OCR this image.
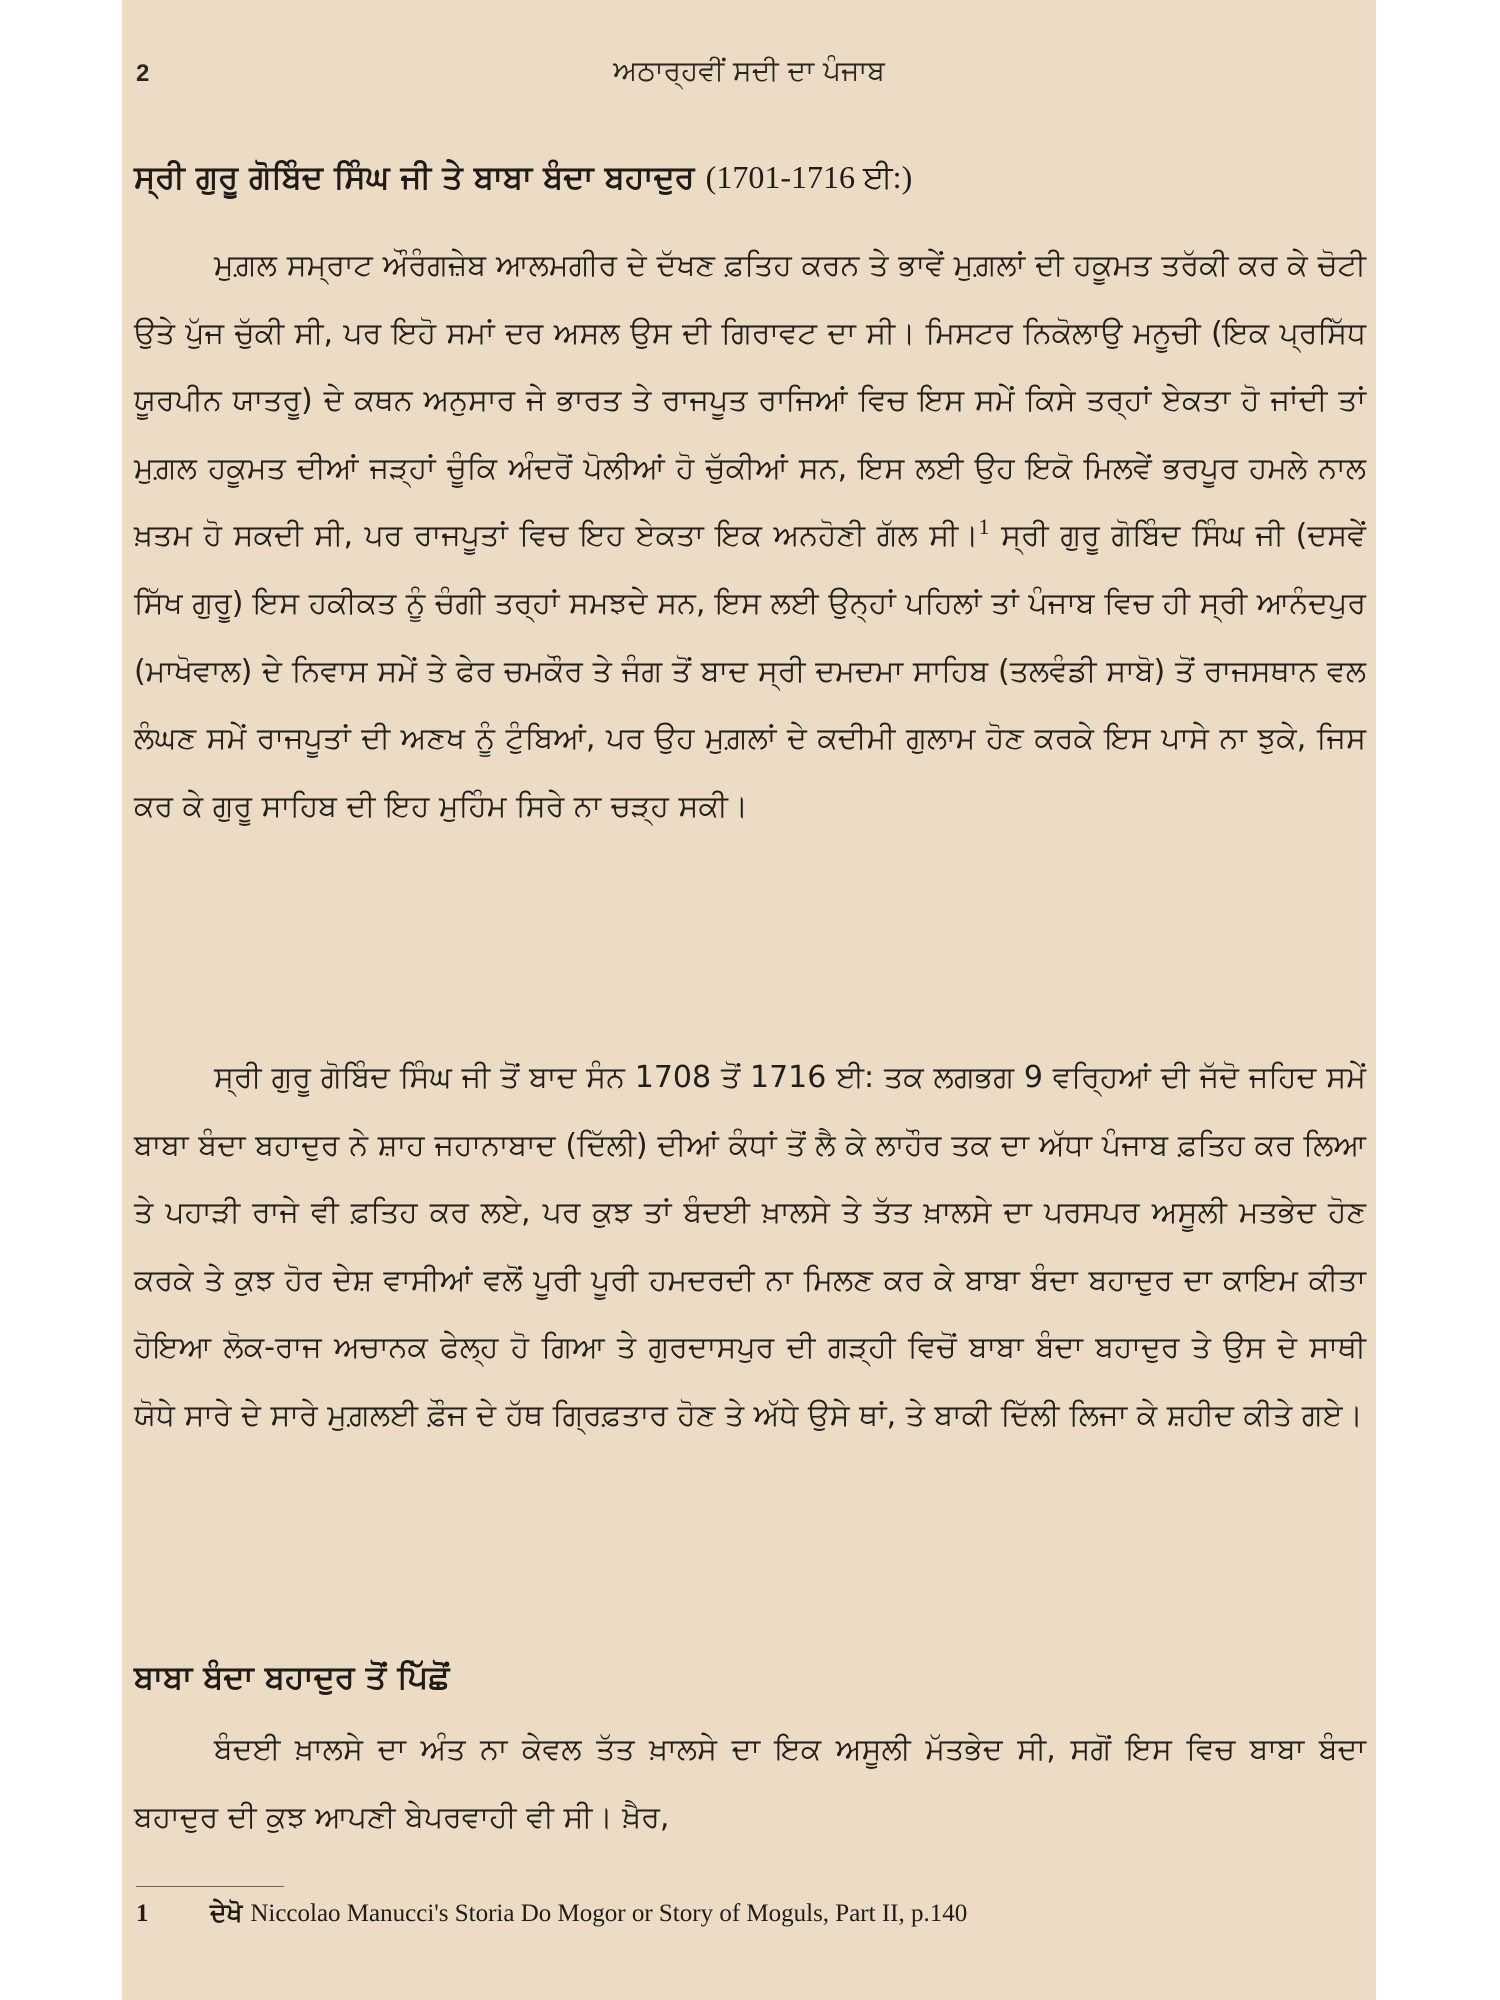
2	ਅਠਾਰ੍ਹਵੀਂ ਸਦੀ ਦਾ ਪੰਜਾਬ
ਸ੍ਰੀ ਗੁਰੂ ਗੋਬਿੰਦ ਸਿੰਘ ਜੀ ਤੇ ਬਾਬਾ ਬੰਦਾ ਬਹਾਦੁਰ (1701-1716 ਈ:)

ਮੁਗ਼ਲ ਸਮ੍ਰਾਟ ਔਰੰਗਜ਼ੇਬ ਆਲਮਗੀਰ ਦੇ ਦੱਖਣ ਫ਼ਤਿਹ ਕਰਨ ਤੇ ਭਾਵੇਂ ਮੁਗ਼ਲਾਂ ਦੀ ਹਕੂਮਤ ਤਰੱਕੀ ਕਰ ਕੇ ਚੋਟੀ ਉਤੇ ਪੁੱਜ ਚੁੱਕੀ ਸੀ, ਪਰ ਇਹੋ ਸਮਾਂ ਦਰ ਅਸਲ ਉਸ ਦੀ ਗਿਰਾਵਟ ਦਾ ਸੀ। ਮਿਸਟਰ ਨਿਕੋਲਾਉ ਮਨੂਚੀ (ਇਕ ਪ੍ਰਸਿੱਧ ਯੂਰਪੀਨ ਯਾਤਰੂ) ਦੇ ਕਥਨ ਅਨੁਸਾਰ ਜੇ ਭਾਰਤ ਤੇ ਰਾਜਪੂਤ ਰਾਜਿਆਂ ਵਿਚ ਇਸ ਸਮੇਂ ਕਿਸੇ ਤਰ੍ਹਾਂ ਏਕਤਾ ਹੋ ਜਾਂਦੀ ਤਾਂ ਮੁਗ਼ਲ ਹਕੂਮਤ ਦੀਆਂ ਜੜ੍ਹਾਂ ਚੂੰਕਿ ਅੰਦਰੋਂ ਪੋਲੀਆਂ ਹੋ ਚੁੱਕੀਆਂ ਸਨ, ਇਸ ਲਈ ਉਹ ਇਕੋ ਮਿਲਵੇਂ ਭਰਪੂਰ ਹਮਲੇ ਨਾਲ ਖ਼ਤਮ ਹੋ ਸਕਦੀ ਸੀ, ਪਰ ਰਾਜਪੂਤਾਂ ਵਿਚ ਇਹ ਏਕਤਾ ਇਕ ਅਨਹੋਣੀ ਗੱਲ ਸੀ।$^1$ ਸ੍ਰੀ ਗੁਰੂ ਗੋਬਿੰਦ ਸਿੰਘ ਜੀ (ਦਸਵੇਂ ਸਿੱਖ ਗੁਰੂ) ਇਸ ਹਕੀਕਤ ਨੂੰ ਚੰਗੀ ਤਰ੍ਹਾਂ ਸਮਝਦੇ ਸਨ, ਇਸ ਲਈ ਉਨ੍ਹਾਂ ਪਹਿਲਾਂ ਤਾਂ ਪੰਜਾਬ ਵਿਚ ਹੀ ਸ੍ਰੀ ਆਨੰਦਪੁਰ (ਮਾਖੋਵਾਲ) ਦੇ ਨਿਵਾਸ ਸਮੇਂ ਤੇ ਫੇਰ ਚਮਕੌਰ ਤੇ ਜੰਗ ਤੋਂ ਬਾਦ ਸ੍ਰੀ ਦਮਦਮਾ ਸਾਹਿਬ (ਤਲਵੰਡੀ ਸਾਬੋ) ਤੋਂ ਰਾਜਸਥਾਨ ਵਲ ਲੰਘਣ ਸਮੇਂ ਰਾਜਪੂਤਾਂ ਦੀ ਅਣਖ ਨੂੰ ਟੁੰਬਿਆਂ, ਪਰ ਉਹ ਮੁਗ਼ਲਾਂ ਦੇ ਕਦੀਮੀ ਗੁਲਾਮ ਹੋਣ ਕਰਕੇ ਇਸ ਪਾਸੇ ਨਾ ਝੁਕੇ, ਜਿਸ ਕਰ ਕੇ ਗੁਰੂ ਸਾਹਿਬ ਦੀ ਇਹ ਮੁਹਿੰਮ ਸਿਰੇ ਨਾ ਚੜ੍ਹ ਸਕੀ।

ਸ੍ਰੀ ਗੁਰੂ ਗੋਬਿੰਦ ਸਿੰਘ ਜੀ ਤੋਂ ਬਾਦ ਸੰਨ 1708 ਤੋਂ 1716 ਈ: ਤਕ ਲਗਭਗ 9 ਵਰ੍ਹਿਆਂ ਦੀ ਜੱਦੋ ਜਹਿਦ ਸਮੇਂ ਬਾਬਾ ਬੰਦਾ ਬਹਾਦੁਰ ਨੇ ਸ਼ਾਹ ਜਹਾਨਾਬਾਦ (ਦਿੱਲੀ) ਦੀਆਂ ਕੰਧਾਂ ਤੋਂ ਲੈ ਕੇ ਲਾਹੌਰ ਤਕ ਦਾ ਅੱਧਾ ਪੰਜਾਬ ਫ਼ਤਿਹ ਕਰ ਲਿਆ ਤੇ ਪਹਾੜੀ ਰਾਜੇ ਵੀ ਫ਼ਤਿਹ ਕਰ ਲਏ, ਪਰ ਕੁਝ ਤਾਂ ਬੰਦਈ ਖ਼ਾਲਸੇ ਤੇ ਤੱਤ ਖ਼ਾਲਸੇ ਦਾ ਪਰਸਪਰ ਅਸੂਲੀ ਮਤਭੇਦ ਹੋਣ ਕਰਕੇ ਤੇ ਕੁਝ ਹੋਰ ਦੇਸ਼ ਵਾਸੀਆਂ ਵਲੋਂ ਪੂਰੀ ਪੂਰੀ ਹਮਦਰਦੀ ਨਾ ਮਿਲਣ ਕਰ ਕੇ ਬਾਬਾ ਬੰਦਾ ਬਹਾਦੁਰ ਦਾ ਕਾਇਮ ਕੀਤਾ ਹੋਇਆ ਲੋਕ-ਰਾਜ ਅਚਾਨਕ ਫੇਲ੍ਹ ਹੋ ਗਿਆ ਤੇ ਗੁਰਦਾਸਪੁਰ ਦੀ ਗੜ੍ਹੀ ਵਿਚੋਂ ਬਾਬਾ ਬੰਦਾ ਬਹਾਦੁਰ ਤੇ ਉਸ ਦੇ ਸਾਥੀ ਯੋਧੇ ਸਾਰੇ ਦੇ ਸਾਰੇ ਮੁਗ਼ਲਈ ਫ਼ੌਜ ਦੇ ਹੱਥ ਗ੍ਰਿਫ਼ਤਾਰ ਹੋਣ ਤੇ ਅੱਧੇ ਉਸੇ ਥਾਂ, ਤੇ ਬਾਕੀ ਦਿੱਲੀ ਲਿਜਾ ਕੇ ਸ਼ਹੀਦ ਕੀਤੇ ਗਏ।

ਬਾਬਾ ਬੰਦਾ ਬਹਾਦੁਰ ਤੋਂ ਪਿੱਛੋਂ

ਬੰਦਈ ਖ਼ਾਲਸੇ ਦਾ ਅੰਤ ਨਾ ਕੇਵਲ ਤੱਤ ਖ਼ਾਲਸੇ ਦਾ ਇਕ ਅਸੂਲੀ ਮੱਤਭੇਦ ਸੀ, ਸਗੋਂ ਇਸ ਵਿਚ ਬਾਬਾ ਬੰਦਾ ਬਹਾਦੁਰ ਦੀ ਕੁਝ ਆਪਣੀ ਬੇਪਰਵਾਹੀ ਵੀ ਸੀ। ਖ਼ੈਰ,

1 ਦੇਖੋ Niccolao Manucci's Storia Do Mogor or Story of Moguls, Part II, p.140
